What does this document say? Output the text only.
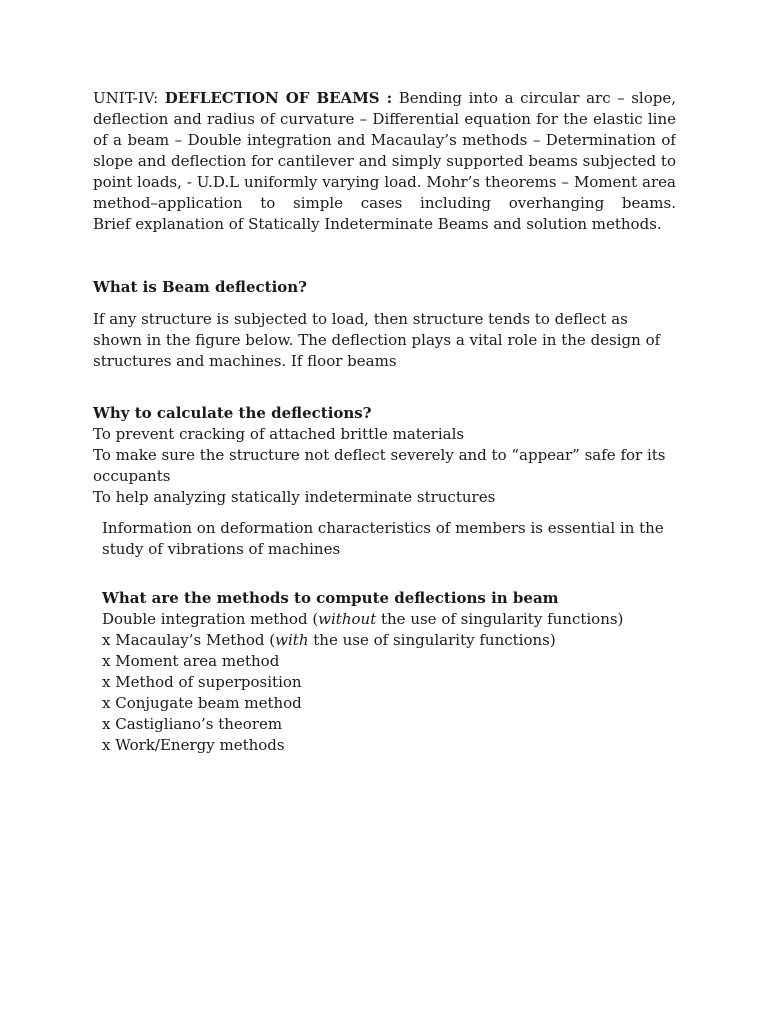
UNIT-IV: DEFLECTION OF BEAMS : Bending into a circular arc – slope,
deflection and radius of curvature – Differential equation for the elastic line
of a beam – Double integration and Macaulay’s methods – Determination of
slope and deflection for cantilever and simply supported beams subjected to
point loads, - U.D.L uniformly varying load. Mohr’s theorems – Moment area
method–application to simple cases including overhanging beams.
Brief explanation of Statically Indeterminate Beams and solution methods.
What is Beam deflection?
If any structure is subjected to load, then structure tends to deflect as
shown in the figure below. The deflection plays a vital role in the design of
structures and machines. If floor beams
Why to calculate the deflections?
To prevent cracking of attached brittle materials
To make sure the structure not deflect severely and to “appear” safe for its
occupants
To help analyzing statically indeterminate structures
Information on deformation characteristics of members is essential in the
study of vibrations of machines
What are the methods to compute deflections in beam
Double integration method (without the use of singularity functions)
x Macaulay’s Method (with the use of singularity functions)
x Moment area method
x Method of superposition
x Conjugate beam method
x Castigliano’s theorem
x Work/Energy methods
